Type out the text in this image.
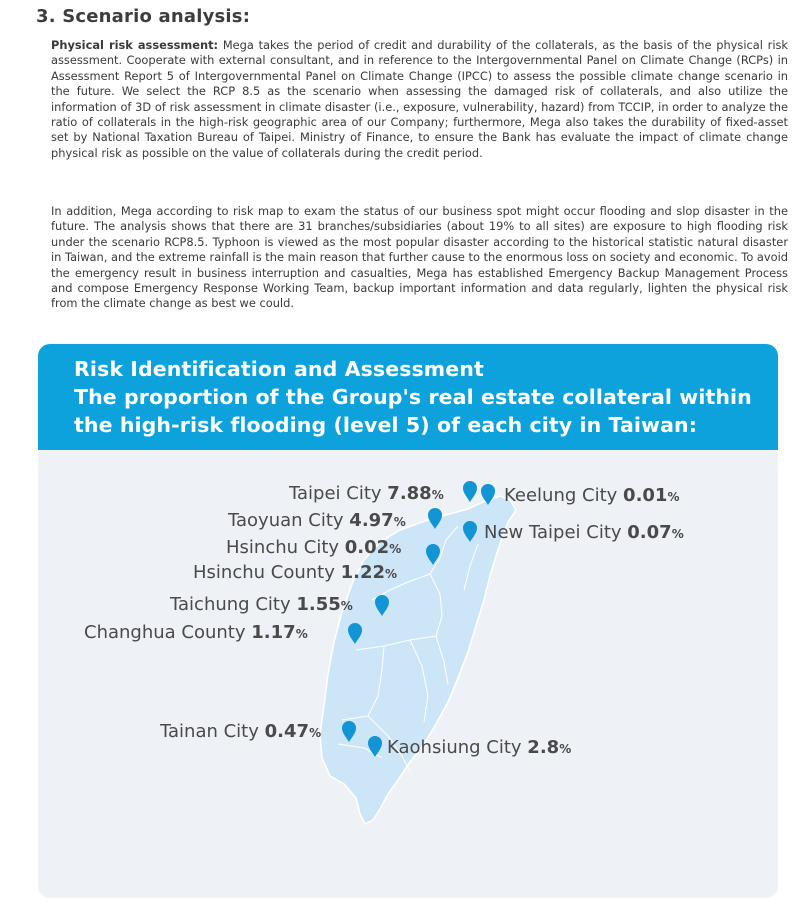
3. Scenario analysis:

Physical risk assessment: Mega takes the period of credit and durability of the collaterals, as the basis of the physical risk assessment. Cooperate with external consultant, and in reference to the Intergovernmental Panel on Climate Change (RCPs) in Assessment Report 5 of Intergovernmental Panel on Climate Change (IPCC) to assess the possible climate change scenario in the future. We select the RCP 8.5 as the scenario when assessing the damaged risk of collaterals, and also utilize the information of 3D of risk assessment in climate disaster (i.e., exposure, vulnerability, hazard) from TCCIP, in order to analyze the ratio of collaterals in the high-risk geographic area of our Company; furthermore, Mega also takes the durability of fixed-asset set by National Taxation Bureau of Taipei. Ministry of Finance, to ensure the Bank has evaluate the impact of climate change physical risk as possible on the value of collaterals during the credit period.

In addition, Mega according to risk map to exam the status of our business spot might occur flooding and slop disaster in the future. The analysis shows that there are 31 branches/subsidiaries (about 19% to all sites) are exposure to high flooding risk under the scenario RCP8.5. Typhoon is viewed as the most popular disaster according to the historical statistic natural disaster in Taiwan, and the extreme rainfall is the main reason that further cause to the enormous loss on society and economic. To avoid the emergency result in business interruption and casualties, Mega has established Emergency Backup Management Process and compose Emergency Response Working Team, backup important information and data regularly, lighten the physical risk from the climate change as best we could.

Risk Identification and Assessment
The proportion of the Group's real estate collateral within
the high-risk flooding (level 5) of each city in Taiwan:
Taipei City 7.88%	Keelung City 0.01%
Taoyuan City 4.97%	New Taipei City 0.07%
Hsinchu City 0.02%
Hsinchu County 1.22%
Taichung City 1.55%
Changhua County 1.17%
Tainan City 0.47%
Kaohsiung City 2.8%
